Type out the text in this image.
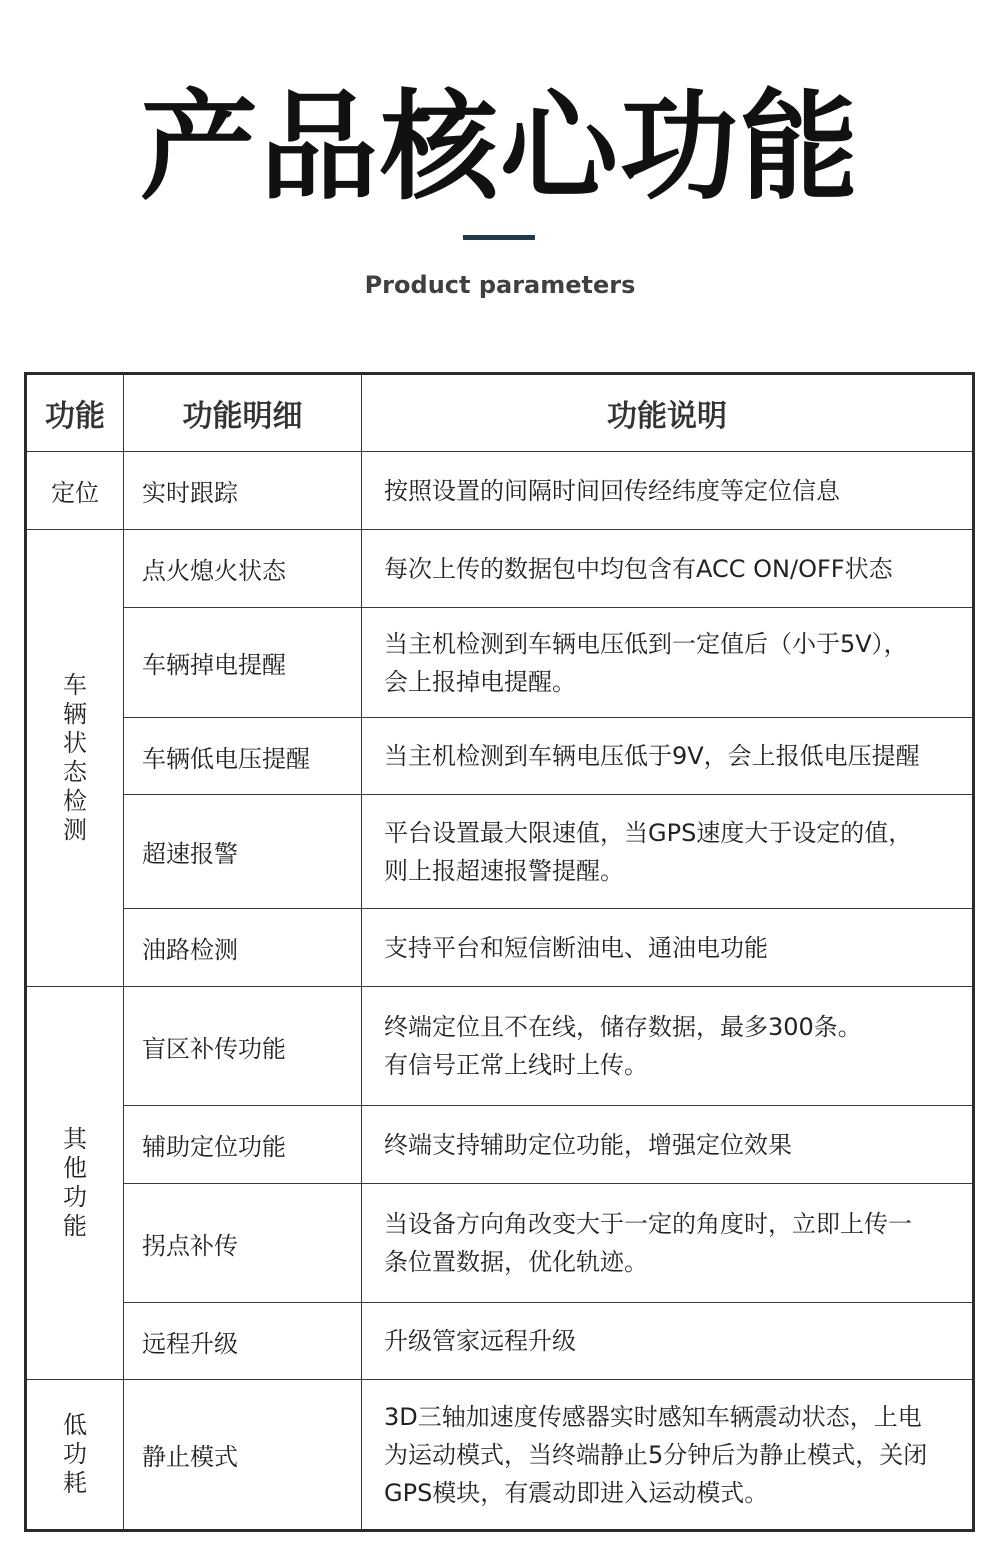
产品核心功能
Product parameters
功能	功能明细	功能说明
定位	实时跟踪	按照设置的间隔时间回传经纬度等定位信息
车辆状态检测	点火熄火状态	每次上传的数据包中均包含有ACC ON/OFF状态
	车辆掉电提醒	当主机检测到车辆电压低到一定值后（小于5V），
会上报掉电提醒。
	车辆低电压提醒	当主机检测到车辆电压低于9V，会上报低电压提醒
	超速报警	平台设置最大限速值，当GPS速度大于设定的值，
则上报超速报警提醒。
	油路检测	支持平台和短信断油电、通油电功能
其他功能	盲区补传功能	终端定位且不在线，储存数据，最多300条。
有信号正常上线时上传。
	辅助定位功能	终端支持辅助定位功能，增强定位效果
	拐点补传	当设备方向角改变大于一定的角度时，立即上传一
条位置数据，优化轨迹。
	远程升级	升级管家远程升级
低功耗	静止模式	3D三轴加速度传感器实时感知车辆震动状态，上电
为运动模式，当终端静止5分钟后为静止模式，关闭
GPS模块，有震动即进入运动模式。
